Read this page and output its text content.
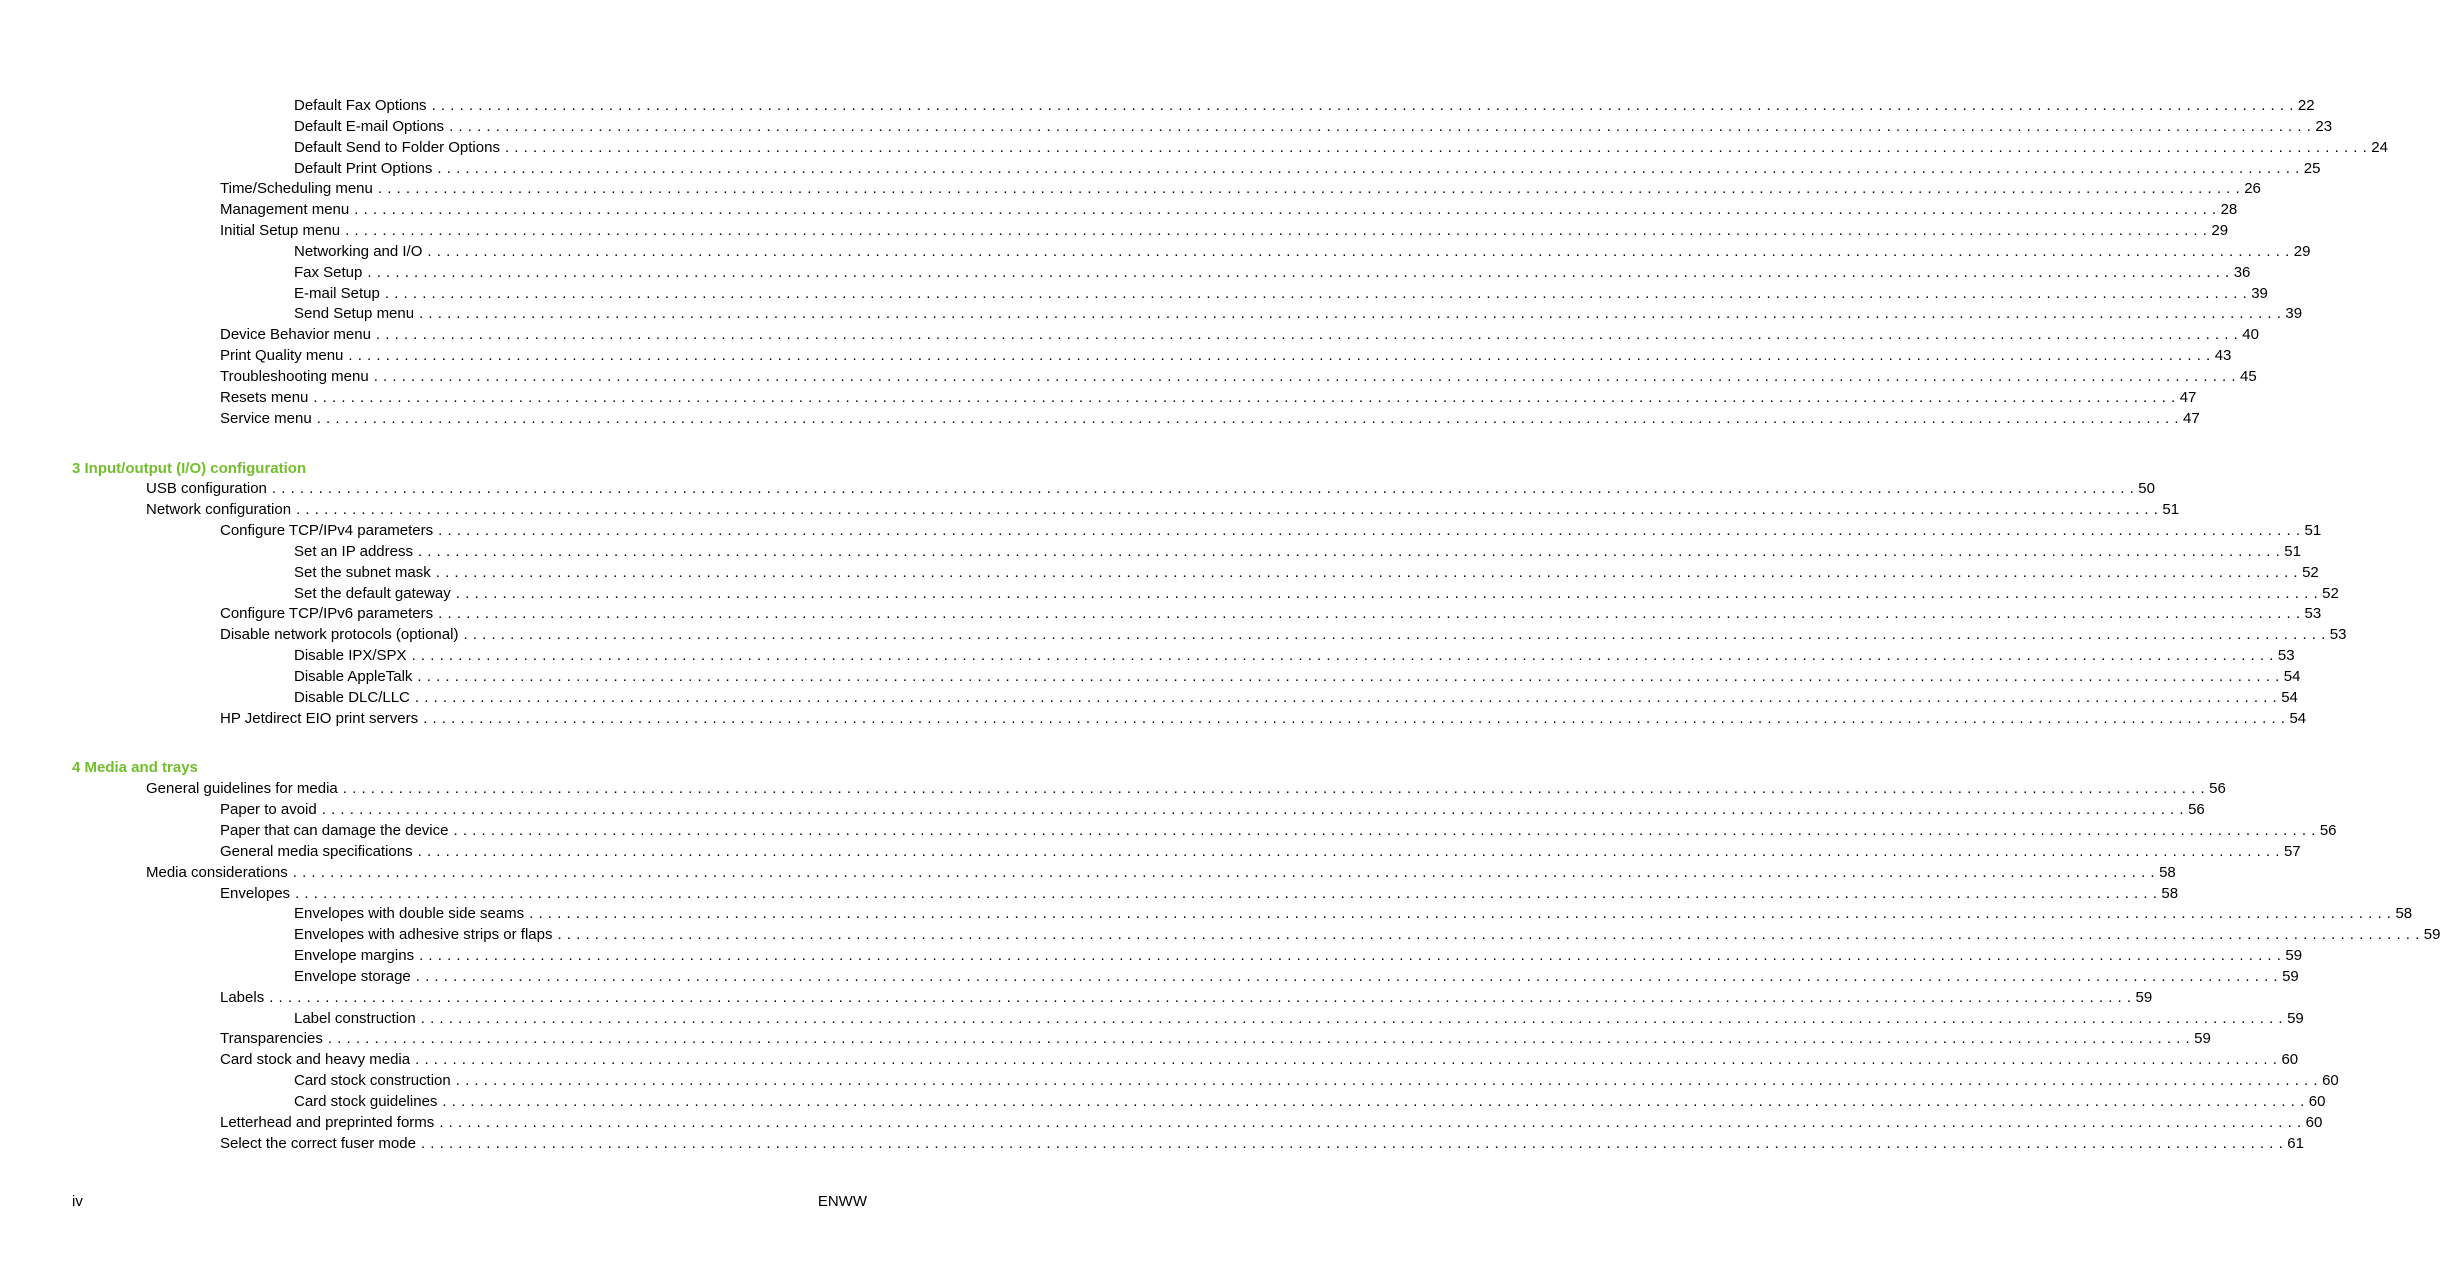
Default Fax Options . . . . . . . . . . . . . . . . . . . . . . . . . . . . . . . . . . . . . . . . . . . . . . . . . . . . . . . . . . . . . . . . . . . . . . . . . . . . . . . . . . . . . . . . . . . . . . . . . . . . . . . . . . . . . . . . . . . . . . . . . . . . . . . . . . . . . . . . . . . . . . . . . . . . . . . . . . . . . . . . . . . . . . . . . . . . . . . . . . . . . . . . . . . . . . . . . . . . . . . . 22
Default E-mail Options . . . . . . . . . . . . . . . . . . . . . . . . . . . . . . . . . . . . . . . . . . . . . . . . . . . . . . . . . . . . . . . . . . . . . . . . . . . . . . . . . . . . . . . . . . . . . . . . . . . . . . . . . . . . . . . . . . . . . . . . . . . . . . . . . . . . . . . . . . . . . . . . . . . . . . . . . . . . . . . . . . . . . . . . . . . . . . . . . . . . . . . . . . . . . . . . . . . . . . . . 23
Default Send to Folder Options . . . . . . . . . . . . . . . . . . . . . . . . . . . . . . . . . . . . . . . . . . . . . . . . . . . . . . . . . . . . . . . . . . . . . . . . . . . . . . . . . . . . . . . . . . . . . . . . . . . . . . . . . . . . . . . . . . . . . . . . . . . . . . . . . . . . . . . . . . . . . . . . . . . . . . . . . . . . . . . . . . . . . . . . . . . . . . . . . . . . . . . . . . . . . . . . . . . . . . . . 24
Default Print Options . . . . . . . . . . . . . . . . . . . . . . . . . . . . . . . . . . . . . . . . . . . . . . . . . . . . . . . . . . . . . . . . . . . . . . . . . . . . . . . . . . . . . . . . . . . . . . . . . . . . . . . . . . . . . . . . . . . . . . . . . . . . . . . . . . . . . . . . . . . . . . . . . . . . . . . . . . . . . . . . . . . . . . . . . . . . . . . . . . . . . . . . . . . . . . . . . . . . . . . . 25
Time/Scheduling menu . . . . . . . . . . . . . . . . . . . . . . . . . . . . . . . . . . . . . . . . . . . . . . . . . . . . . . . . . . . . . . . . . . . . . . . . . . . . . . . . . . . . . . . . . . . . . . . . . . . . . . . . . . . . . . . . . . . . . . . . . . . . . . . . . . . . . . . . . . . . . . . . . . . . . . . . . . . . . . . . . . . . . . . . . . . . . . . . . . . . . . . . . . . . . . . . . . . . . . . . 26
Management menu . . . . . . . . . . . . . . . . . . . . . . . . . . . . . . . . . . . . . . . . . . . . . . . . . . . . . . . . . . . . . . . . . . . . . . . . . . . . . . . . . . . . . . . . . . . . . . . . . . . . . . . . . . . . . . . . . . . . . . . . . . . . . . . . . . . . . . . . . . . . . . . . . . . . . . . . . . . . . . . . . . . . . . . . . . . . . . . . . . . . . . . . . . . . . . . . . . . . . . . . 28
Initial Setup menu . . . . . . . . . . . . . . . . . . . . . . . . . . . . . . . . . . . . . . . . . . . . . . . . . . . . . . . . . . . . . . . . . . . . . . . . . . . . . . . . . . . . . . . . . . . . . . . . . . . . . . . . . . . . . . . . . . . . . . . . . . . . . . . . . . . . . . . . . . . . . . . . . . . . . . . . . . . . . . . . . . . . . . . . . . . . . . . . . . . . . . . . . . . . . . . . . . . . . . . . 29
Networking and I/O . . . . . . . . . . . . . . . . . . . . . . . . . . . . . . . . . . . . . . . . . . . . . . . . . . . . . . . . . . . . . . . . . . . . . . . . . . . . . . . . . . . . . . . . . . . . . . . . . . . . . . . . . . . . . . . . . . . . . . . . . . . . . . . . . . . . . . . . . . . . . . . . . . . . . . . . . . . . . . . . . . . . . . . . . . . . . . . . . . . . . . . . . . . . . . . . . . . . . . . . 29
Fax Setup . . . . . . . . . . . . . . . . . . . . . . . . . . . . . . . . . . . . . . . . . . . . . . . . . . . . . . . . . . . . . . . . . . . . . . . . . . . . . . . . . . . . . . . . . . . . . . . . . . . . . . . . . . . . . . . . . . . . . . . . . . . . . . . . . . . . . . . . . . . . . . . . . . . . . . . . . . . . . . . . . . . . . . . . . . . . . . . . . . . . . . . . . . . . . . . . . . . . . . . . 36
E-mail Setup . . . . . . . . . . . . . . . . . . . . . . . . . . . . . . . . . . . . . . . . . . . . . . . . . . . . . . . . . . . . . . . . . . . . . . . . . . . . . . . . . . . . . . . . . . . . . . . . . . . . . . . . . . . . . . . . . . . . . . . . . . . . . . . . . . . . . . . . . . . . . . . . . . . . . . . . . . . . . . . . . . . . . . . . . . . . . . . . . . . . . . . . . . . . . . . . . . . . . . . . 39
Send Setup menu . . . . . . . . . . . . . . . . . . . . . . . . . . . . . . . . . . . . . . . . . . . . . . . . . . . . . . . . . . . . . . . . . . . . . . . . . . . . . . . . . . . . . . . . . . . . . . . . . . . . . . . . . . . . . . . . . . . . . . . . . . . . . . . . . . . . . . . . . . . . . . . . . . . . . . . . . . . . . . . . . . . . . . . . . . . . . . . . . . . . . . . . . . . . . . . . . . . . . . . . 39
Device Behavior menu . . . . . . . . . . . . . . . . . . . . . . . . . . . . . . . . . . . . . . . . . . . . . . . . . . . . . . . . . . . . . . . . . . . . . . . . . . . . . . . . . . . . . . . . . . . . . . . . . . . . . . . . . . . . . . . . . . . . . . . . . . . . . . . . . . . . . . . . . . . . . . . . . . . . . . . . . . . . . . . . . . . . . . . . . . . . . . . . . . . . . . . . . . . . . . . . . . . . . . . . 40
Print Quality menu . . . . . . . . . . . . . . . . . . . . . . . . . . . . . . . . . . . . . . . . . . . . . . . . . . . . . . . . . . . . . . . . . . . . . . . . . . . . . . . . . . . . . . . . . . . . . . . . . . . . . . . . . . . . . . . . . . . . . . . . . . . . . . . . . . . . . . . . . . . . . . . . . . . . . . . . . . . . . . . . . . . . . . . . . . . . . . . . . . . . . . . . . . . . . . . . . . . . . . . . 43
Troubleshooting menu . . . . . . . . . . . . . . . . . . . . . . . . . . . . . . . . . . . . . . . . . . . . . . . . . . . . . . . . . . . . . . . . . . . . . . . . . . . . . . . . . . . . . . . . . . . . . . . . . . . . . . . . . . . . . . . . . . . . . . . . . . . . . . . . . . . . . . . . . . . . . . . . . . . . . . . . . . . . . . . . . . . . . . . . . . . . . . . . . . . . . . . . . . . . . . . . . . . . . . . . 45
Resets menu . . . . . . . . . . . . . . . . . . . . . . . . . . . . . . . . . . . . . . . . . . . . . . . . . . . . . . . . . . . . . . . . . . . . . . . . . . . . . . . . . . . . . . . . . . . . . . . . . . . . . . . . . . . . . . . . . . . . . . . . . . . . . . . . . . . . . . . . . . . . . . . . . . . . . . . . . . . . . . . . . . . . . . . . . . . . . . . . . . . . . . . . . . . . . . . . . . . . . . . . 47
Service menu . . . . . . . . . . . . . . . . . . . . . . . . . . . . . . . . . . . . . . . . . . . . . . . . . . . . . . . . . . . . . . . . . . . . . . . . . . . . . . . . . . . . . . . . . . . . . . . . . . . . . . . . . . . . . . . . . . . . . . . . . . . . . . . . . . . . . . . . . . . . . . . . . . . . . . . . . . . . . . . . . . . . . . . . . . . . . . . . . . . . . . . . . . . . . . . . . . . . . . . . 47
3 Input/output (I/O) configuration
USB configuration . . . . . . . . . . . . . . . . . . . . . . . . . . . . . . . . . . . . . . . . . . . . . . . . . . . . . . . . . . . . . . . . . . . . . . . . . . . . . . . . . . . . . . . . . . . . . . . . . . . . . . . . . . . . . . . . . . . . . . . . . . . . . . . . . . . . . . . . . . . . . . . . . . . . . . . . . . . . . . . . . . . . . . . . . . . . . . . . . . . . . . . . . . . . . . . . . . . . . . . . 50
Network configuration . . . . . . . . . . . . . . . . . . . . . . . . . . . . . . . . . . . . . . . . . . . . . . . . . . . . . . . . . . . . . . . . . . . . . . . . . . . . . . . . . . . . . . . . . . . . . . . . . . . . . . . . . . . . . . . . . . . . . . . . . . . . . . . . . . . . . . . . . . . . . . . . . . . . . . . . . . . . . . . . . . . . . . . . . . . . . . . . . . . . . . . . . . . . . . . . . . . . . . . . 51
Configure TCP/IPv4 parameters . . . . . . . . . . . . . . . . . . . . . . . . . . . . . . . . . . . . . . . . . . . . . . . . . . . . . . . . . . . . . . . . . . . . . . . . . . . . . . . . . . . . . . . . . . . . . . . . . . . . . . . . . . . . . . . . . . . . . . . . . . . . . . . . . . . . . . . . . . . . . . . . . . . . . . . . . . . . . . . . . . . . . . . . . . . . . . . . . . . . . . . . . . . . . . . . . . . . . . . . 51
Set an IP address . . . . . . . . . . . . . . . . . . . . . . . . . . . . . . . . . . . . . . . . . . . . . . . . . . . . . . . . . . . . . . . . . . . . . . . . . . . . . . . . . . . . . . . . . . . . . . . . . . . . . . . . . . . . . . . . . . . . . . . . . . . . . . . . . . . . . . . . . . . . . . . . . . . . . . . . . . . . . . . . . . . . . . . . . . . . . . . . . . . . . . . . . . . . . . . . . . . . . . . . 51
Set the subnet mask . . . . . . . . . . . . . . . . . . . . . . . . . . . . . . . . . . . . . . . . . . . . . . . . . . . . . . . . . . . . . . . . . . . . . . . . . . . . . . . . . . . . . . . . . . . . . . . . . . . . . . . . . . . . . . . . . . . . . . . . . . . . . . . . . . . . . . . . . . . . . . . . . . . . . . . . . . . . . . . . . . . . . . . . . . . . . . . . . . . . . . . . . . . . . . . . . . . . . . . . 52
Set the default gateway . . . . . . . . . . . . . . . . . . . . . . . . . . . . . . . . . . . . . . . . . . . . . . . . . . . . . . . . . . . . . . . . . . . . . . . . . . . . . . . . . . . . . . . . . . . . . . . . . . . . . . . . . . . . . . . . . . . . . . . . . . . . . . . . . . . . . . . . . . . . . . . . . . . . . . . . . . . . . . . . . . . . . . . . . . . . . . . . . . . . . . . . . . . . . . . . . . . . . . . . 52
Configure TCP/IPv6 parameters . . . . . . . . . . . . . . . . . . . . . . . . . . . . . . . . . . . . . . . . . . . . . . . . . . . . . . . . . . . . . . . . . . . . . . . . . . . . . . . . . . . . . . . . . . . . . . . . . . . . . . . . . . . . . . . . . . . . . . . . . . . . . . . . . . . . . . . . . . . . . . . . . . . . . . . . . . . . . . . . . . . . . . . . . . . . . . . . . . . . . . . . . . . . . . . . . . . . . . . . 53
Disable network protocols (optional) . . . . . . . . . . . . . . . . . . . . . . . . . . . . . . . . . . . . . . . . . . . . . . . . . . . . . . . . . . . . . . . . . . . . . . . . . . . . . . . . . . . . . . . . . . . . . . . . . . . . . . . . . . . . . . . . . . . . . . . . . . . . . . . . . . . . . . . . . . . . . . . . . . . . . . . . . . . . . . . . . . . . . . . . . . . . . . . . . . . . . . . . . . . . . . . . . . . . . . . . 53
Disable IPX/SPX . . . . . . . . . . . . . . . . . . . . . . . . . . . . . . . . . . . . . . . . . . . . . . . . . . . . . . . . . . . . . . . . . . . . . . . . . . . . . . . . . . . . . . . . . . . . . . . . . . . . . . . . . . . . . . . . . . . . . . . . . . . . . . . . . . . . . . . . . . . . . . . . . . . . . . . . . . . . . . . . . . . . . . . . . . . . . . . . . . . . . . . . . . . . . . . . . . . . . . . . 53
Disable AppleTalk . . . . . . . . . . . . . . . . . . . . . . . . . . . . . . . . . . . . . . . . . . . . . . . . . . . . . . . . . . . . . . . . . . . . . . . . . . . . . . . . . . . . . . . . . . . . . . . . . . . . . . . . . . . . . . . . . . . . . . . . . . . . . . . . . . . . . . . . . . . . . . . . . . . . . . . . . . . . . . . . . . . . . . . . . . . . . . . . . . . . . . . . . . . . . . . . . . . . . . . . 54
Disable DLC/LLC . . . . . . . . . . . . . . . . . . . . . . . . . . . . . . . . . . . . . . . . . . . . . . . . . . . . . . . . . . . . . . . . . . . . . . . . . . . . . . . . . . . . . . . . . . . . . . . . . . . . . . . . . . . . . . . . . . . . . . . . . . . . . . . . . . . . . . . . . . . . . . . . . . . . . . . . . . . . . . . . . . . . . . . . . . . . . . . . . . . . . . . . . . . . . . . . . . . . . . . . 54
HP Jetdirect EIO print servers . . . . . . . . . . . . . . . . . . . . . . . . . . . . . . . . . . . . . . . . . . . . . . . . . . . . . . . . . . . . . . . . . . . . . . . . . . . . . . . . . . . . . . . . . . . . . . . . . . . . . . . . . . . . . . . . . . . . . . . . . . . . . . . . . . . . . . . . . . . . . . . . . . . . . . . . . . . . . . . . . . . . . . . . . . . . . . . . . . . . . . . . . . . . . . . . . . . . . . . . 54
4 Media and trays
General guidelines for media . . . . . . . . . . . . . . . . . . . . . . . . . . . . . . . . . . . . . . . . . . . . . . . . . . . . . . . . . . . . . . . . . . . . . . . . . . . . . . . . . . . . . . . . . . . . . . . . . . . . . . . . . . . . . . . . . . . . . . . . . . . . . . . . . . . . . . . . . . . . . . . . . . . . . . . . . . . . . . . . . . . . . . . . . . . . . . . . . . . . . . . . . . . . . . . . . . . . . . . . 56
Paper to avoid . . . . . . . . . . . . . . . . . . . . . . . . . . . . . . . . . . . . . . . . . . . . . . . . . . . . . . . . . . . . . . . . . . . . . . . . . . . . . . . . . . . . . . . . . . . . . . . . . . . . . . . . . . . . . . . . . . . . . . . . . . . . . . . . . . . . . . . . . . . . . . . . . . . . . . . . . . . . . . . . . . . . . . . . . . . . . . . . . . . . . . . . . . . . . . . . . . . . . . . . 56
Paper that can damage the device . . . . . . . . . . . . . . . . . . . . . . . . . . . . . . . . . . . . . . . . . . . . . . . . . . . . . . . . . . . . . . . . . . . . . . . . . . . . . . . . . . . . . . . . . . . . . . . . . . . . . . . . . . . . . . . . . . . . . . . . . . . . . . . . . . . . . . . . . . . . . . . . . . . . . . . . . . . . . . . . . . . . . . . . . . . . . . . . . . . . . . . . . . . . . . . . . . . . . . . . 56
General media specifications . . . . . . . . . . . . . . . . . . . . . . . . . . . . . . . . . . . . . . . . . . . . . . . . . . . . . . . . . . . . . . . . . . . . . . . . . . . . . . . . . . . . . . . . . . . . . . . . . . . . . . . . . . . . . . . . . . . . . . . . . . . . . . . . . . . . . . . . . . . . . . . . . . . . . . . . . . . . . . . . . . . . . . . . . . . . . . . . . . . . . . . . . . . . . . . . . . . . . . . . 57
Media considerations . . . . . . . . . . . . . . . . . . . . . . . . . . . . . . . . . . . . . . . . . . . . . . . . . . . . . . . . . . . . . . . . . . . . . . . . . . . . . . . . . . . . . . . . . . . . . . . . . . . . . . . . . . . . . . . . . . . . . . . . . . . . . . . . . . . . . . . . . . . . . . . . . . . . . . . . . . . . . . . . . . . . . . . . . . . . . . . . . . . . . . . . . . . . . . . . . . . . . . . . 58
Envelopes . . . . . . . . . . . . . . . . . . . . . . . . . . . . . . . . . . . . . . . . . . . . . . . . . . . . . . . . . . . . . . . . . . . . . . . . . . . . . . . . . . . . . . . . . . . . . . . . . . . . . . . . . . . . . . . . . . . . . . . . . . . . . . . . . . . . . . . . . . . . . . . . . . . . . . . . . . . . . . . . . . . . . . . . . . . . . . . . . . . . . . . . . . . . . . . . . . . . . . . . 58
Envelopes with double side seams . . . . . . . . . . . . . . . . . . . . . . . . . . . . . . . . . . . . . . . . . . . . . . . . . . . . . . . . . . . . . . . . . . . . . . . . . . . . . . . . . . . . . . . . . . . . . . . . . . . . . . . . . . . . . . . . . . . . . . . . . . . . . . . . . . . . . . . . . . . . . . . . . . . . . . . . . . . . . . . . . . . . . . . . . . . . . . . . . . . . . . . . . . . . . . . . . . . . . . . . 58
Envelopes with adhesive strips or flaps . . . . . . . . . . . . . . . . . . . . . . . . . . . . . . . . . . . . . . . . . . . . . . . . . . . . . . . . . . . . . . . . . . . . . . . . . . . . . . . . . . . . . . . . . . . . . . . . . . . . . . . . . . . . . . . . . . . . . . . . . . . . . . . . . . . . . . . . . . . . . . . . . . . . . . . . . . . . . . . . . . . . . . . . . . . . . . . . . . . . . . . . . . . . . . . . . . . . . . . . 59
Envelope margins . . . . . . . . . . . . . . . . . . . . . . . . . . . . . . . . . . . . . . . . . . . . . . . . . . . . . . . . . . . . . . . . . . . . . . . . . . . . . . . . . . . . . . . . . . . . . . . . . . . . . . . . . . . . . . . . . . . . . . . . . . . . . . . . . . . . . . . . . . . . . . . . . . . . . . . . . . . . . . . . . . . . . . . . . . . . . . . . . . . . . . . . . . . . . . . . . . . . . . . . 59
Envelope storage . . . . . . . . . . . . . . . . . . . . . . . . . . . . . . . . . . . . . . . . . . . . . . . . . . . . . . . . . . . . . . . . . . . . . . . . . . . . . . . . . . . . . . . . . . . . . . . . . . . . . . . . . . . . . . . . . . . . . . . . . . . . . . . . . . . . . . . . . . . . . . . . . . . . . . . . . . . . . . . . . . . . . . . . . . . . . . . . . . . . . . . . . . . . . . . . . . . . . . . . 59
Labels . . . . . . . . . . . . . . . . . . . . . . . . . . . . . . . . . . . . . . . . . . . . . . . . . . . . . . . . . . . . . . . . . . . . . . . . . . . . . . . . . . . . . . . . . . . . . . . . . . . . . . . . . . . . . . . . . . . . . . . . . . . . . . . . . . . . . . . . . . . . . . . . . . . . . . . . . . . . . . . . . . . . . . . . . . . . . . . . . . . . . . . . . . . . . . . . . . . . . . . . 59
Label construction . . . . . . . . . . . . . . . . . . . . . . . . . . . . . . . . . . . . . . . . . . . . . . . . . . . . . . . . . . . . . . . . . . . . . . . . . . . . . . . . . . . . . . . . . . . . . . . . . . . . . . . . . . . . . . . . . . . . . . . . . . . . . . . . . . . . . . . . . . . . . . . . . . . . . . . . . . . . . . . . . . . . . . . . . . . . . . . . . . . . . . . . . . . . . . . . . . . . . . . . 59
Transparencies . . . . . . . . . . . . . . . . . . . . . . . . . . . . . . . . . . . . . . . . . . . . . . . . . . . . . . . . . . . . . . . . . . . . . . . . . . . . . . . . . . . . . . . . . . . . . . . . . . . . . . . . . . . . . . . . . . . . . . . . . . . . . . . . . . . . . . . . . . . . . . . . . . . . . . . . . . . . . . . . . . . . . . . . . . . . . . . . . . . . . . . . . . . . . . . . . . . . . . . . 59
Card stock and heavy media . . . . . . . . . . . . . . . . . . . . . . . . . . . . . . . . . . . . . . . . . . . . . . . . . . . . . . . . . . . . . . . . . . . . . . . . . . . . . . . . . . . . . . . . . . . . . . . . . . . . . . . . . . . . . . . . . . . . . . . . . . . . . . . . . . . . . . . . . . . . . . . . . . . . . . . . . . . . . . . . . . . . . . . . . . . . . . . . . . . . . . . . . . . . . . . . . . . . . . . . 60
Card stock construction . . . . . . . . . . . . . . . . . . . . . . . . . . . . . . . . . . . . . . . . . . . . . . . . . . . . . . . . . . . . . . . . . . . . . . . . . . . . . . . . . . . . . . . . . . . . . . . . . . . . . . . . . . . . . . . . . . . . . . . . . . . . . . . . . . . . . . . . . . . . . . . . . . . . . . . . . . . . . . . . . . . . . . . . . . . . . . . . . . . . . . . . . . . . . . . . . . . . . . . . 60
Card stock guidelines . . . . . . . . . . . . . . . . . . . . . . . . . . . . . . . . . . . . . . . . . . . . . . . . . . . . . . . . . . . . . . . . . . . . . . . . . . . . . . . . . . . . . . . . . . . . . . . . . . . . . . . . . . . . . . . . . . . . . . . . . . . . . . . . . . . . . . . . . . . . . . . . . . . . . . . . . . . . . . . . . . . . . . . . . . . . . . . . . . . . . . . . . . . . . . . . . . . . . . . . 60
Letterhead and preprinted forms . . . . . . . . . . . . . . . . . . . . . . . . . . . . . . . . . . . . . . . . . . . . . . . . . . . . . . . . . . . . . . . . . . . . . . . . . . . . . . . . . . . . . . . . . . . . . . . . . . . . . . . . . . . . . . . . . . . . . . . . . . . . . . . . . . . . . . . . . . . . . . . . . . . . . . . . . . . . . . . . . . . . . . . . . . . . . . . . . . . . . . . . . . . . . . . . . . . . . . . . 60
Select the correct fuser mode . . . . . . . . . . . . . . . . . . . . . . . . . . . . . . . . . . . . . . . . . . . . . . . . . . . . . . . . . . . . . . . . . . . . . . . . . . . . . . . . . . . . . . . . . . . . . . . . . . . . . . . . . . . . . . . . . . . . . . . . . . . . . . . . . . . . . . . . . . . . . . . . . . . . . . . . . . . . . . . . . . . . . . . . . . . . . . . . . . . . . . . . . . . . . . . . . . . . . . . . 61
iv	ENWW
